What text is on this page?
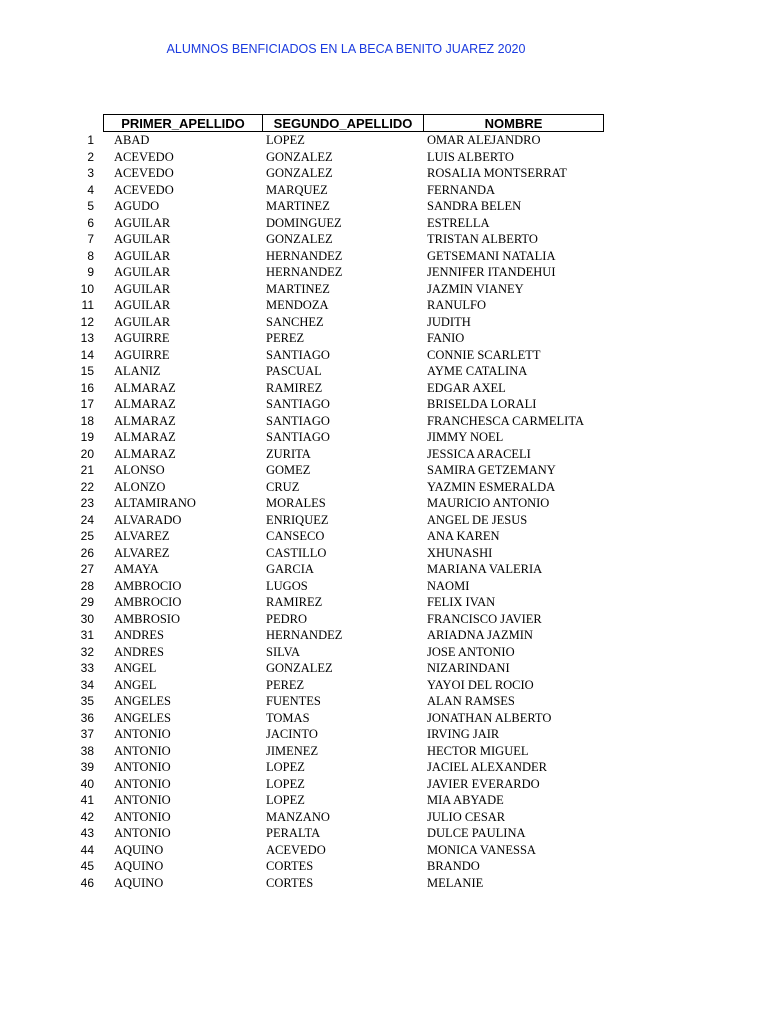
ALUMNOS BENFICIADOS EN LA BECA BENITO JUAREZ 2020
PRIMER_APELLIDO	SEGUNDO_APELLIDO	NOMBRE
1 ABAD	LOPEZ	OMAR ALEJANDRO
2 ACEVEDO	GONZALEZ	LUIS ALBERTO
3 ACEVEDO	GONZALEZ	ROSALIA MONTSERRAT
4 ACEVEDO	MARQUEZ	FERNANDA
5 AGUDO	MARTINEZ	SANDRA BELEN
6 AGUILAR	DOMINGUEZ	ESTRELLA
7 AGUILAR	GONZALEZ	TRISTAN ALBERTO
8 AGUILAR	HERNANDEZ	GETSEMANI NATALIA
9 AGUILAR	HERNANDEZ	JENNIFER ITANDEHUI
10 AGUILAR	MARTINEZ	JAZMIN VIANEY
11 AGUILAR	MENDOZA	RANULFO
12 AGUILAR	SANCHEZ	JUDITH
13 AGUIRRE	PEREZ	FANIO
14 AGUIRRE	SANTIAGO	CONNIE SCARLETT
15 ALANIZ	PASCUAL	AYME CATALINA
16 ALMARAZ	RAMIREZ	EDGAR AXEL
17 ALMARAZ	SANTIAGO	BRISELDA LORALI
18 ALMARAZ	SANTIAGO	FRANCHESCA CARMELITA
19 ALMARAZ	SANTIAGO	JIMMY NOEL
20 ALMARAZ	ZURITA	JESSICA ARACELI
21 ALONSO	GOMEZ	SAMIRA GETZEMANY
22 ALONZO	CRUZ	YAZMIN ESMERALDA
23 ALTAMIRANO	MORALES	MAURICIO ANTONIO
24 ALVARADO	ENRIQUEZ	ANGEL DE JESUS
25 ALVAREZ	CANSECO	ANA KAREN
26 ALVAREZ	CASTILLO	XHUNASHI
27 AMAYA	GARCIA	MARIANA VALERIA
28 AMBROCIO	LUGOS	NAOMI
29 AMBROCIO	RAMIREZ	FELIX IVAN
30 AMBROSIO	PEDRO	FRANCISCO JAVIER
31 ANDRES	HERNANDEZ	ARIADNA JAZMIN
32 ANDRES	SILVA	JOSE ANTONIO
33 ANGEL	GONZALEZ	NIZARINDANI
34 ANGEL	PEREZ	YAYOI DEL ROCIO
35 ANGELES	FUENTES	ALAN RAMSES
36 ANGELES	TOMAS	JONATHAN ALBERTO
37 ANTONIO	JACINTO	IRVING JAIR
38 ANTONIO	JIMENEZ	HECTOR MIGUEL
39 ANTONIO	LOPEZ	JACIEL ALEXANDER
40 ANTONIO	LOPEZ	JAVIER EVERARDO
41 ANTONIO	LOPEZ	MIA ABYADE
42 ANTONIO	MANZANO	JULIO CESAR
43 ANTONIO	PERALTA	DULCE PAULINA
44 AQUINO	ACEVEDO	MONICA VANESSA
45 AQUINO	CORTES	BRANDO
46 AQUINO	CORTES	MELANIE
